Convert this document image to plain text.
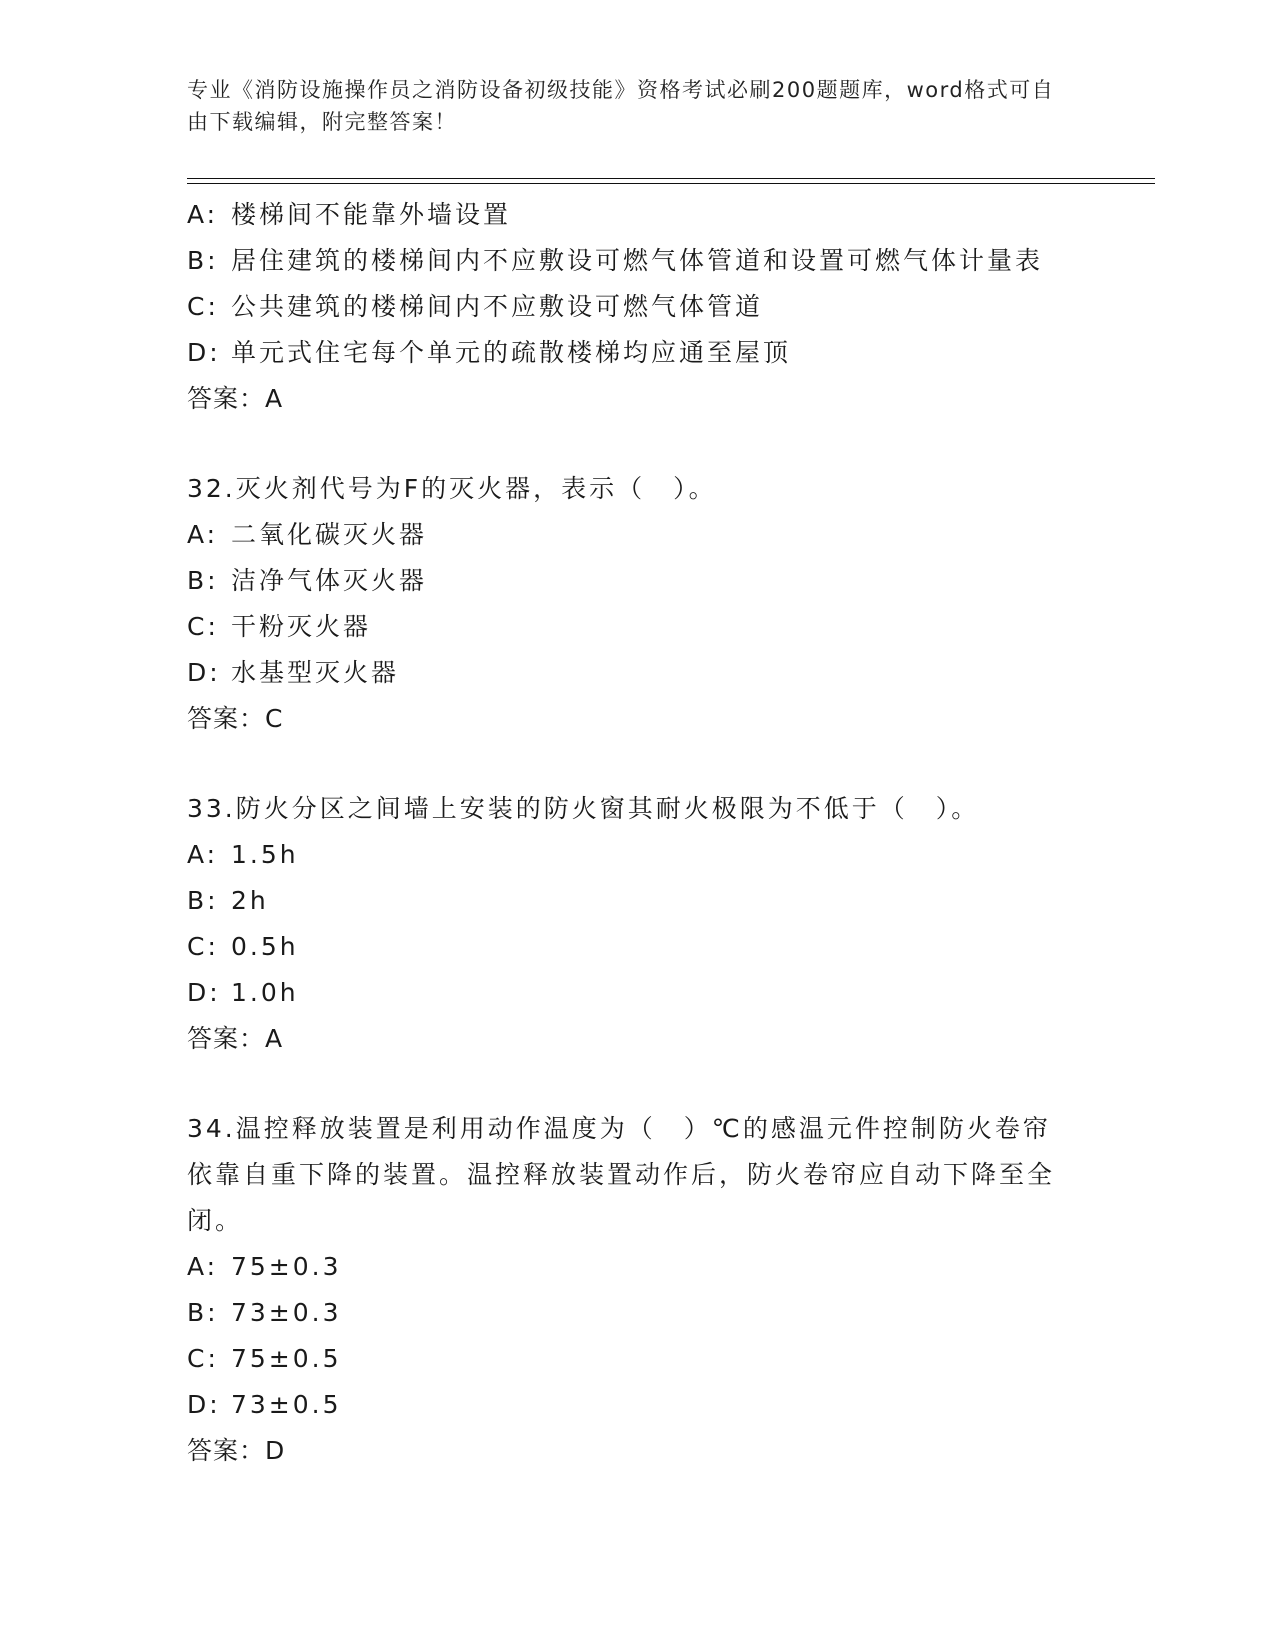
专业《消防设施操作员之消防设备初级技能》资格考试必刷200题题库，word格式可自由下载编辑，附完整答案！
A: 楼梯间不能靠外墙设置
B: 居住建筑的楼梯间内不应敷设可燃气体管道和设置可燃气体计量表
C: 公共建筑的楼梯间内不应敷设可燃气体管道
D: 单元式住宅每个单元的疏散楼梯均应通至屋顶
答案：A
32.灭火剂代号为F的灭火器，表示（　）。
A: 二氧化碳灭火器
B: 洁净气体灭火器
C: 干粉灭火器
D: 水基型灭火器
答案：C
33.防火分区之间墙上安装的防火窗其耐火极限为不低于（　）。
A: 1.5h
B: 2h
C: 0.5h
D: 1.0h
答案：A
34.温控释放装置是利用动作温度为（　）℃的感温元件控制防火卷帘依靠自重下降的装置。温控释放装置动作后，防火卷帘应自动下降至全闭。
A: 75±0.3
B: 73±0.3
C: 75±0.5
D: 73±0.5
答案：D
